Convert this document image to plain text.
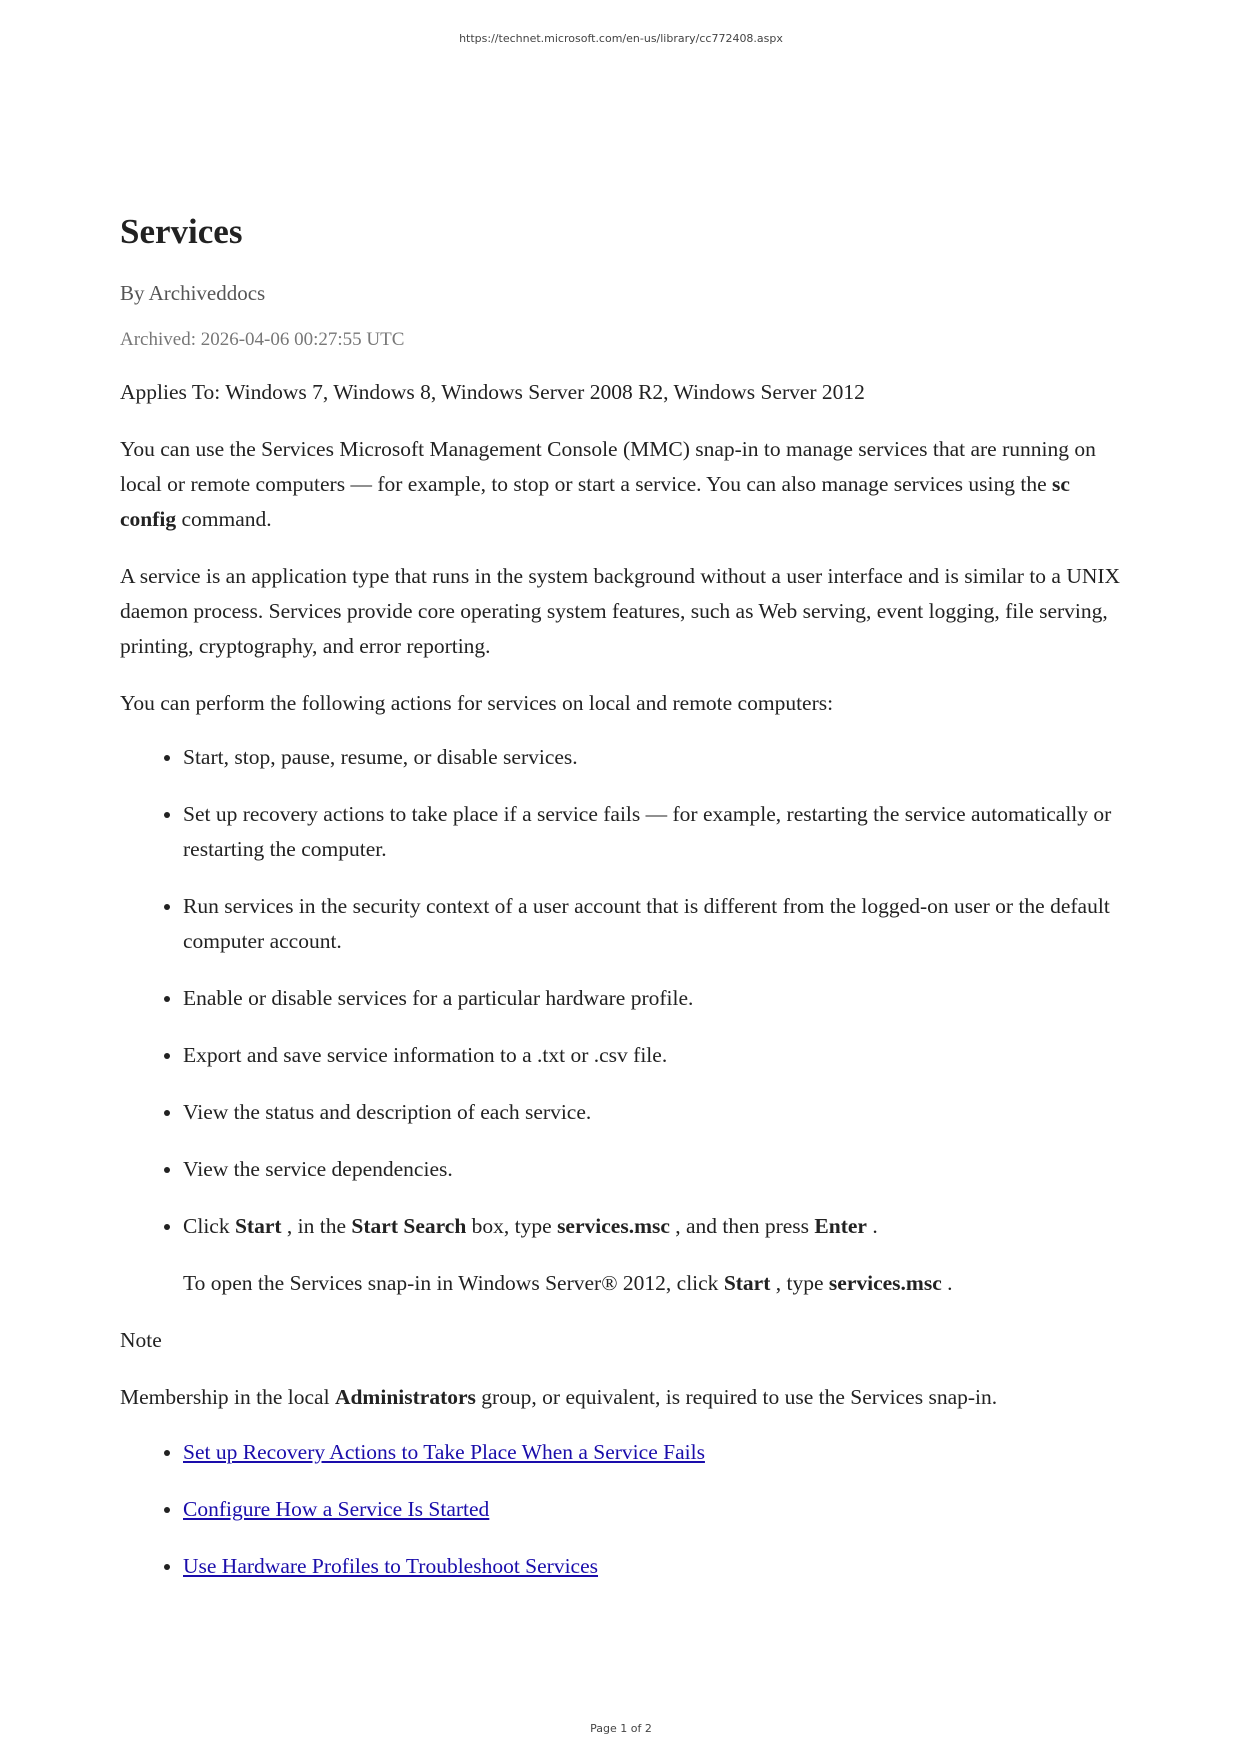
https://technet.microsoft.com/en-us/library/cc772408.aspx
Services
By Archiveddocs
Archived: 2026-04-06 00:27:55 UTC

Applies To: Windows 7, Windows 8, Windows Server 2008 R2, Windows Server 2012

You can use the Services Microsoft Management Console (MMC) snap-in to manage services that are running on local or remote computers — for example, to stop or start a service. You can also manage services using the sc config command.

A service is an application type that runs in the system background without a user interface and is similar to a UNIX daemon process. Services provide core operating system features, such as Web serving, event logging, file serving, printing, cryptography, and error reporting.

You can perform the following actions for services on local and remote computers:

• Start, stop, pause, resume, or disable services.
• Set up recovery actions to take place if a service fails — for example, restarting the service automatically or restarting the computer.
• Run services in the security context of a user account that is different from the logged-on user or the default computer account.
• Enable or disable services for a particular hardware profile.
• Export and save service information to a .txt or .csv file.
• View the status and description of each service.
• View the service dependencies.
• Click Start , in the Start Search box, type services.msc , and then press Enter .

To open the Services snap-in in Windows Server® 2012, click Start , type services.msc .

Note

Membership in the local Administrators group, or equivalent, is required to use the Services snap-in.

• Set up Recovery Actions to Take Place When a Service Fails
• Configure How a Service Is Started
• Use Hardware Profiles to Troubleshoot Services
Page 1 of 2
